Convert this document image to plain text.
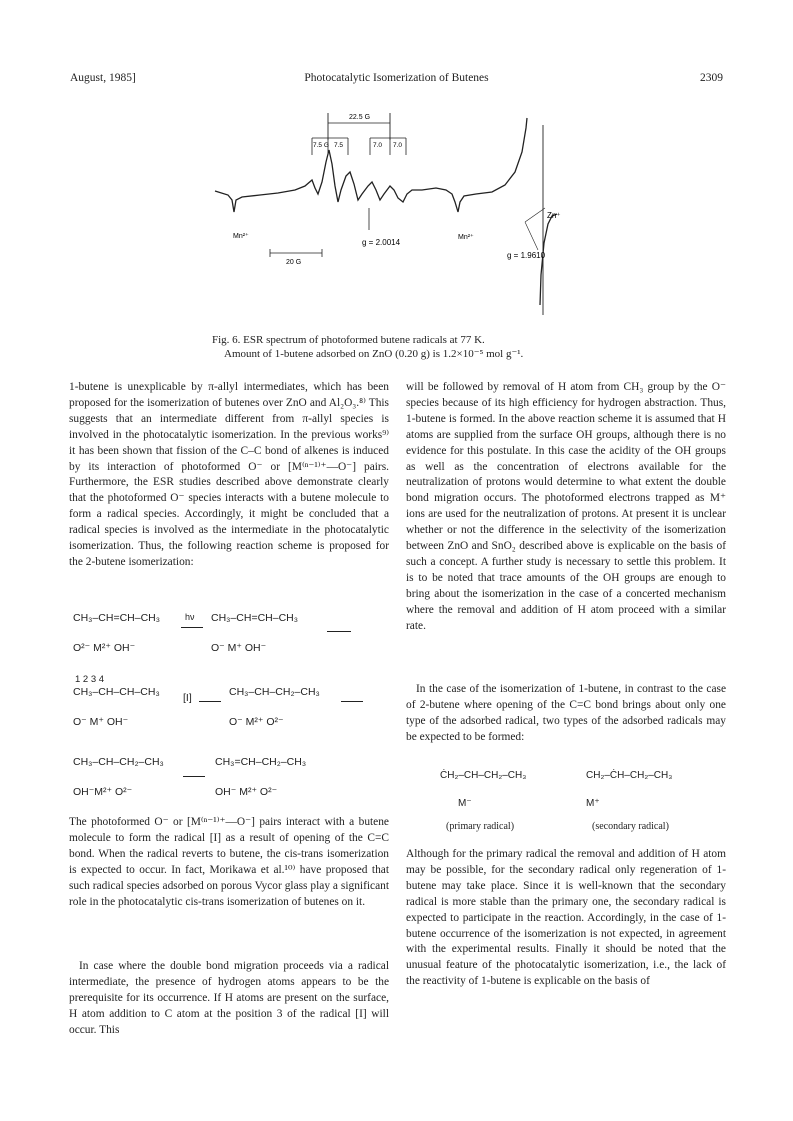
August, 1985]	Photocatalytic Isomerization of Butenes	2309
22.5 G
7.5 G 7.5	7.0 7.0
Mn²⁺	Mn²⁺
g = 2.0014
g = 1.9610
Zn⁺
20 G
Fig. 6. ESR spectrum of photoformed butene radicals at 77 K.
Amount of 1-butene adsorbed on ZnO (0.20 g) is 1.2×10⁻⁵ mol g⁻¹.
1-butene is unexplicable by π-allyl intermediates, which has been proposed for the isomerization of butenes over ZnO and Al₂O₃.⁸⁾ This suggests that an intermediate different from π-allyl species is involved in the photocatalytic isomerization. In the previous works⁹⁾ it has been shown that fission of the C–C bond of alkenes is induced by its interaction of photoformed O⁻ or [M⁽ⁿ⁻¹⁾⁺—O⁻] pairs. Furthermore, the ESR studies described above demonstrate clearly that the photoformed O⁻ species interacts with a butene molecule to form a radical species. Accordingly, it might be concluded that a radical species is involved as the intermediate in the photocatalytic isomerization. Thus, the following reaction scheme is proposed for the 2-butene isomerization:
CH₃–CH=CH–CH₃	hν CH₃–CH=CH–CH₃
O²⁻ M²⁺ OH⁻	O⁻ M⁺ OH⁻
1 2 3 4
CH₃–CH–CH–CH₃ [I]	CH₃–CH–CH₂–CH₃
O⁻ M⁺ OH⁻	O⁻ M²⁺ O²⁻
CH₃–CH–CH₂–CH₃	CH₃=CH–CH₂–CH₃
OH⁻M²⁺ O²⁻	OH⁻ M²⁺ O²⁻
The photoformed O⁻ or [M⁽ⁿ⁻¹⁾⁺—O⁻] pairs interact with a butene molecule to form the radical [I] as a result of opening of the C=C bond. When the radical reverts to butene, the cis-trans isomerization is expected to occur. In fact, Morikawa et al.¹⁰⁾ have proposed that such radical species adsorbed on porous Vycor glass play a significant role in the photocatalytic cis-trans isomerization of butenes on it.
In case where the double bond migration proceeds via a radical intermediate, the presence of hydrogen atoms appears to be the prerequisite for its occurrence. If H atoms are present on the surface, H atom addition to C atom at the position 3 of the radical [I] will occur. This
will be followed by removal of H atom from CH₃ group by the O⁻ species because of its high efficiency for hydrogen abstraction. Thus, 1-butene is formed. In the above reaction scheme it is assumed that H atoms are supplied from the surface OH groups, although there is no evidence for this postulate. In this case the acidity of the OH groups as well as the concentration of electrons available for the neutralization of protons would determine to what extent the double bond migration occurs. The photoformed electrons trapped as M⁺ ions are used for the neutralization of protons. At present it is unclear whether or not the difference in the selectivity of the isomerization between ZnO and SnO₂ described above is explicable on the basis of such a concept. A further study is necessary to settle this problem. It is to be noted that trace amounts of the OH groups are enough to bring about the isomerization in the case of a concerted mechanism where the removal and addition of H atom proceed with a similar rate.
In the case of the isomerization of 1-butene, in contrast to the case of 2-butene where opening of the C=C bond brings about only one type of the adsorbed radical, two types of the adsorbed radicals may be expected to be formed:
ĊH₂–CH–CH₂–CH₃
M⁻
(primary radical)
CH₂–ĊH–CH₂–CH₃
M⁺
(secondary radical)
Although for the primary radical the removal and addition of H atom may be possible, for the secondary radical only regeneration of 1-butene may take place. Since it is well-known that the secondary radical is more stable than the primary one, the secondary radical is expected to participate in the reaction. Accordingly, in the case of 1-butene occurrence of the isomerization is not expected, in agreement with the experimental results. Finally it should be noted that the unusual feature of the photocatalytic isomerization, i.e., the lack of the reactivity of 1-butene is explicable on the basis of
